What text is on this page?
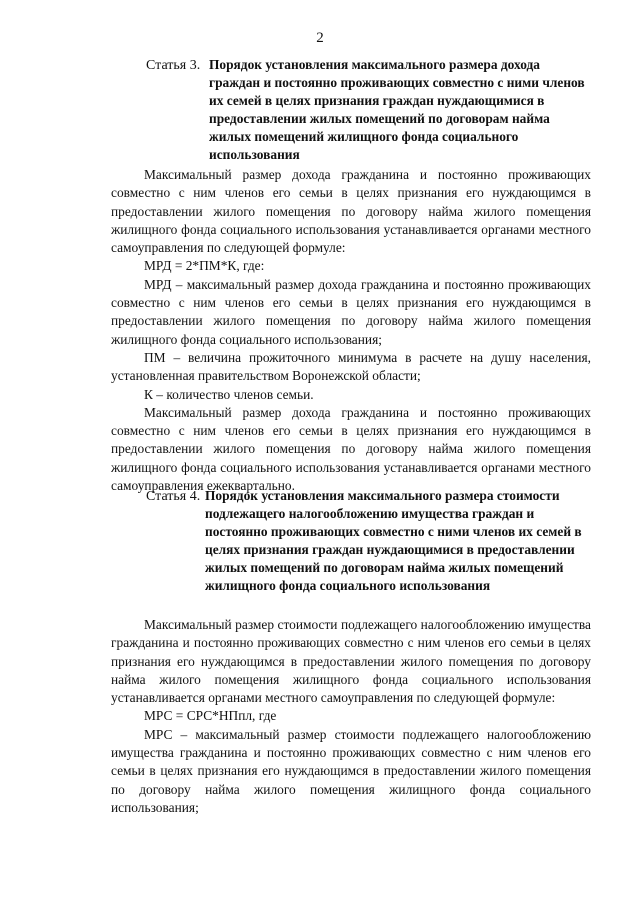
2
Статья 3. Порядок установления максимального размера дохода граждан и постоянно проживающих совместно с ними членов их семей в целях признания граждан нуждающимися в предоставлении жилых помещений по договорам найма жилых помещений жилищного фонда социального использования

Максимальный размер дохода гражданина и постоянно проживающих совместно с ним членов его семьи в целях признания его нуждающимся в предоставлении жилого помещения по договору найма жилого помещения жилищного фонда социального использования устанавливается органами местного самоуправления по следующей формуле:

МРД = 2*ПМ*К, где:

МРД – максимальный размер дохода гражданина и постоянно проживающих совместно с ним членов его семьи в целях признания его нуждающимся в предоставлении жилого помещения по договору найма жилого помещения жилищного фонда социального использования;

ПМ – величина прожиточного минимума в расчете на душу населения, установленная правительством Воронежской области;

К – количество членов семьи.

Максимальный размер дохода гражданина и постоянно проживающих совместно с ним членов его семьи в целях признания его нуждающимся в предоставлении жилого помещения по договору найма жилого помещения жилищного фонда социального использования устанавливается органами местного самоуправления ежеквартально.

Статья 4. Порядок установления максимального размера стоимости подлежащего налогообложению имущества граждан и постоянно проживающих совместно с ними членов их семей в целях признания граждан нуждающимися в предоставлении жилых помещений по договорам найма жилых помещений жилищного фонда социального использования

Максимальный размер стоимости подлежащего налогообложению имущества гражданина и постоянно проживающих совместно с ним членов его семьи в целях признания его нуждающимся в предоставлении жилого помещения по договору найма жилого помещения жилищного фонда социального использования устанавливается органами местного самоуправления по следующей формуле:

МРС = СРС*НПпл, где

МРС – максимальный размер стоимости подлежащего налогообложению имущества гражданина и постоянно проживающих совместно с ним членов его семьи в целях признания его нуждающимся в предоставлении жилого помещения по договору найма жилого помещения жилищного фонда социального использования;
